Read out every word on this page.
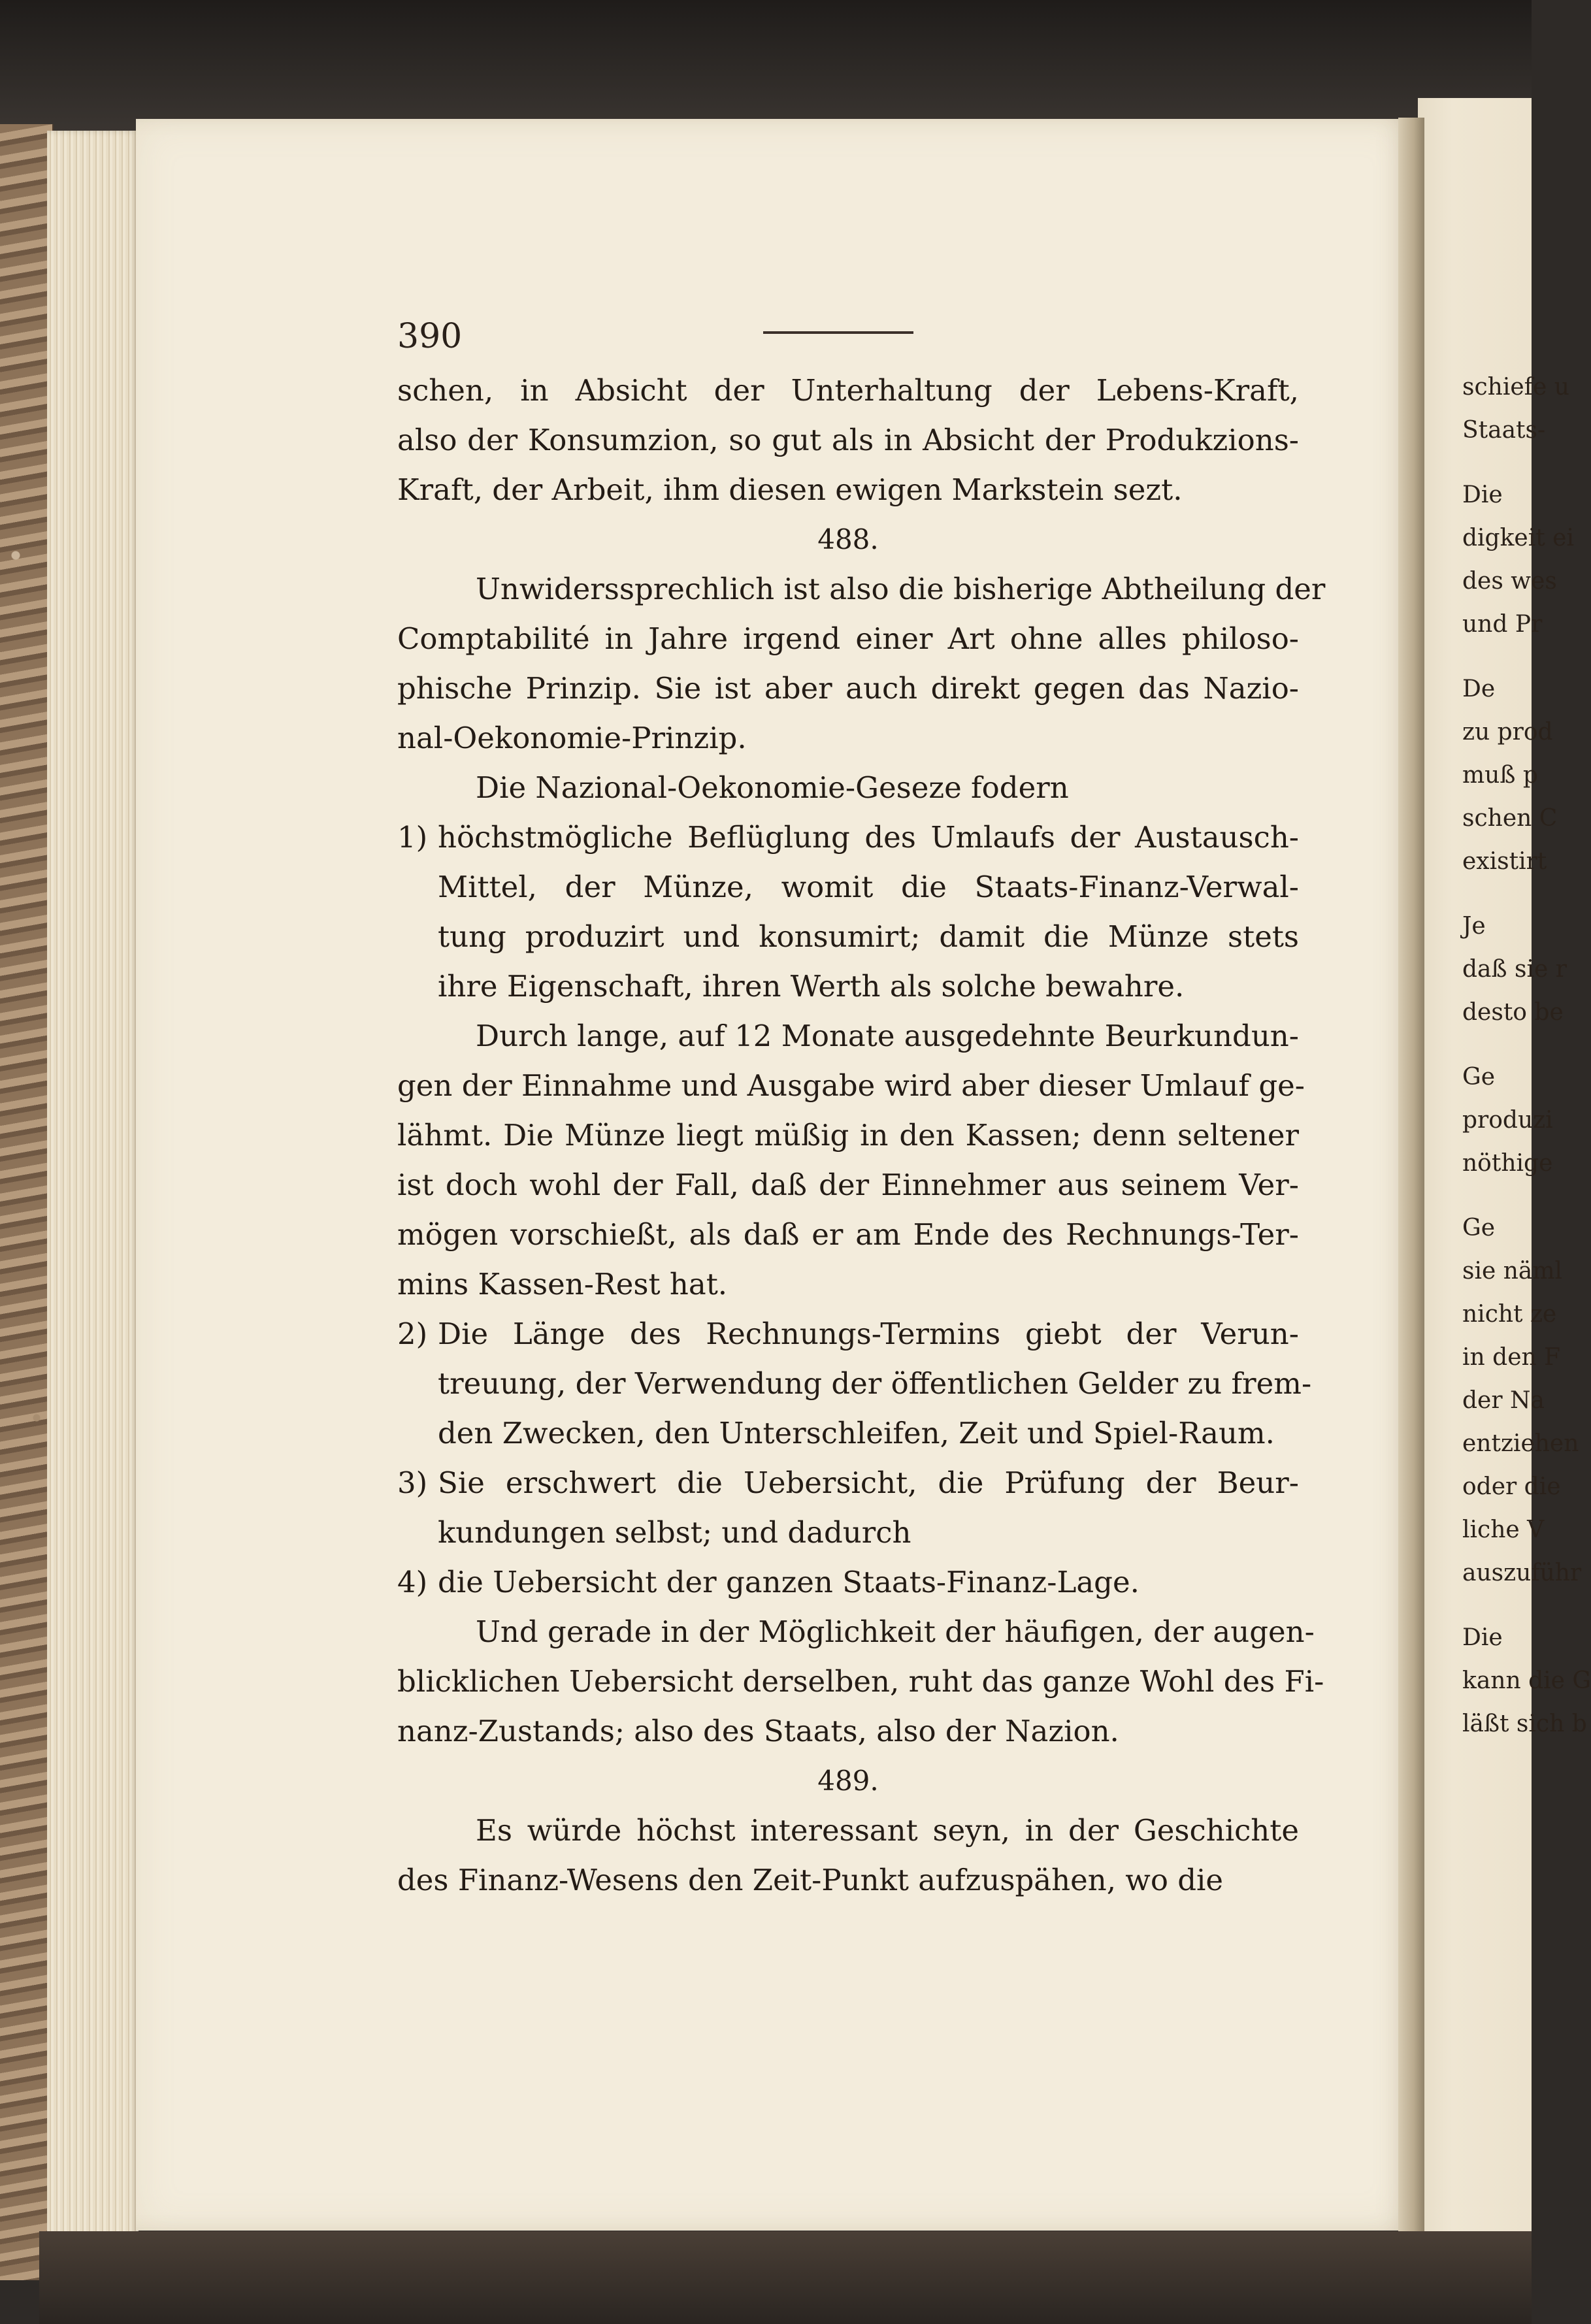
390
schen, in Absicht der Unterhaltung der Lebens-Kraft,
also der Konsumzion, so gut als in Absicht der Produkzions-
Kraft, der Arbeit, ihm diesen ewigen Markstein sezt.
488.
Unwiderssprechlich ist also die bisherige Abtheilung der
Comptabilité in Jahre irgend einer Art ohne alles philoso-
phische Prinzip. Sie ist aber auch direkt gegen das Nazio-
nal-Oekonomie-Prinzip.
Die Nazional-Oekonomie-Geseze fodern
1) höchstmögliche Beflüglung des Umlaufs der Austausch-
Mittel, der Münze, womit die Staats-Finanz-Verwal-
tung produzirt und konsumirt; damit die Münze stets
ihre Eigenschaft, ihren Werth als solche bewahre.
Durch lange, auf 12 Monate ausgedehnte Beurkundun-
gen der Einnahme und Ausgabe wird aber dieser Umlauf ge-
lähmt. Die Münze liegt müßig in den Kassen; denn seltener
ist doch wohl der Fall, daß der Einnehmer aus seinem Ver-
mögen vorschießt, als daß er am Ende des Rechnungs-Ter-
mins Kassen-Rest hat.
2) Die Länge des Rechnungs-Termins giebt der Verun-
treuung, der Verwendung der öffentlichen Gelder zu frem-
den Zwecken, den Unterschleifen, Zeit und Spiel-Raum.
3) Sie erschwert die Uebersicht, die Prüfung der Beur-
kundungen selbst; und dadurch
4) die Uebersicht der ganzen Staats-Finanz-Lage.
Und gerade in der Möglichkeit der häufigen, der augen-
blicklichen Uebersicht derselben, ruht das ganze Wohl des Fi-
nanz-Zustands; also des Staats, also der Nazion.
489.
Es würde höchst interessant seyn, in der Geschichte
des Finanz-Wesens den Zeit-Punkt aufzuspähen, wo die
schiefe u
Staats-
Die
digkeit ei
des wes
und Pr
De
zu prod
muß p
schen C
existirt
Je
daß sie r
desto be
Ge
produzi
nöthige
Ge
sie näml
nicht ze
in den F
der Na
entziehen
oder die
liche V
auszuführ
Die
kann die G
läßt sich b
